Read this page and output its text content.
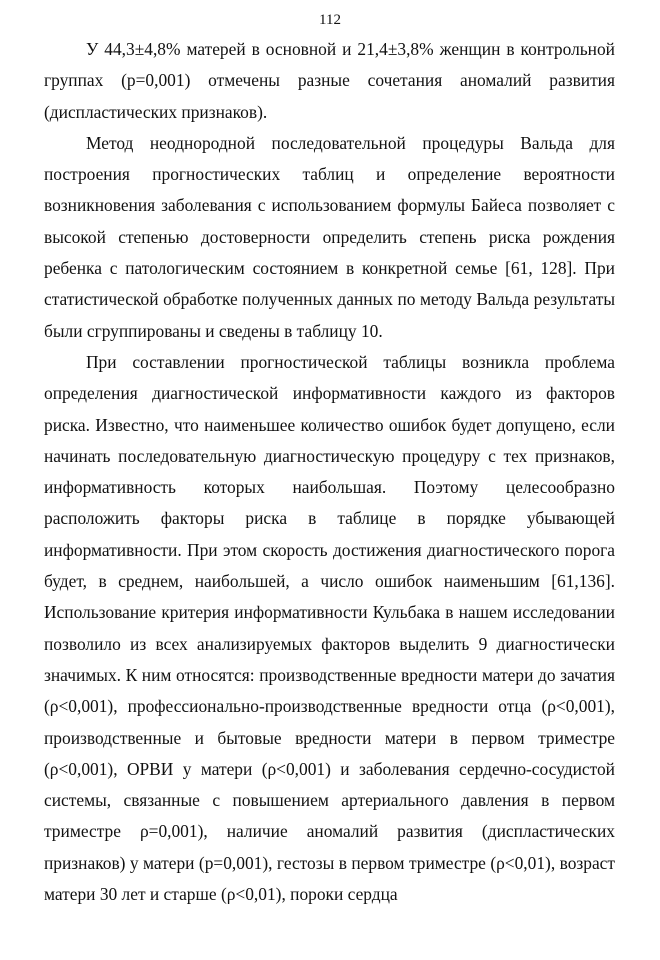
112

У 44,3±4,8% матерей в основной и 21,4±3,8% женщин в контрольной группах (р=0,001) отмечены разные сочетания аномалий развития (диспластических признаков).

Метод неоднородной последовательной процедуры Вальда для построения прогностических таблиц и определение вероятности возникновения заболевания с использованием формулы Байеса позволяет с высокой степенью достоверности определить степень риска рождения ребенка с патологическим состоянием в конкретной семье [61, 128]. При статистической обработке полученных данных по методу Вальда результаты были сгруппированы и сведены в таблицу 10.

При составлении прогностической таблицы возникла проблема определения диагностической информативности каждого из факторов риска. Известно, что наименьшее количество ошибок будет допущено, если начинать последовательную диагностическую процедуру с тех признаков, информативность которых наибольшая. Поэтому целесообразно расположить факторы риска в таблице в порядке убывающей информативности. При этом скорость достижения диагностического порога будет, в среднем, наибольшей, а число ошибок наименьшим [61,136]. Использование критерия информативности Кульбака в нашем исследовании позволило из всех анализируемых факторов выделить 9 диагностически значимых. К ним относятся: производственные вредности матери до зачатия (ρ<0,001), профессионально-производственные вредности отца (ρ<0,001), производственные и бытовые вредности матери в первом триместре (ρ<0,001), ОРВИ у матери (ρ<0,001) и заболевания сердечно-сосудистой системы, связанные с повышением артериального давления в первом триместре ρ=0,001), наличие аномалий развития (диспластических признаков) у матери (р=0,001), гестозы в первом триместре (ρ<0,01), возраст матери 30 лет и старше (ρ<0,01), пороки сердца
